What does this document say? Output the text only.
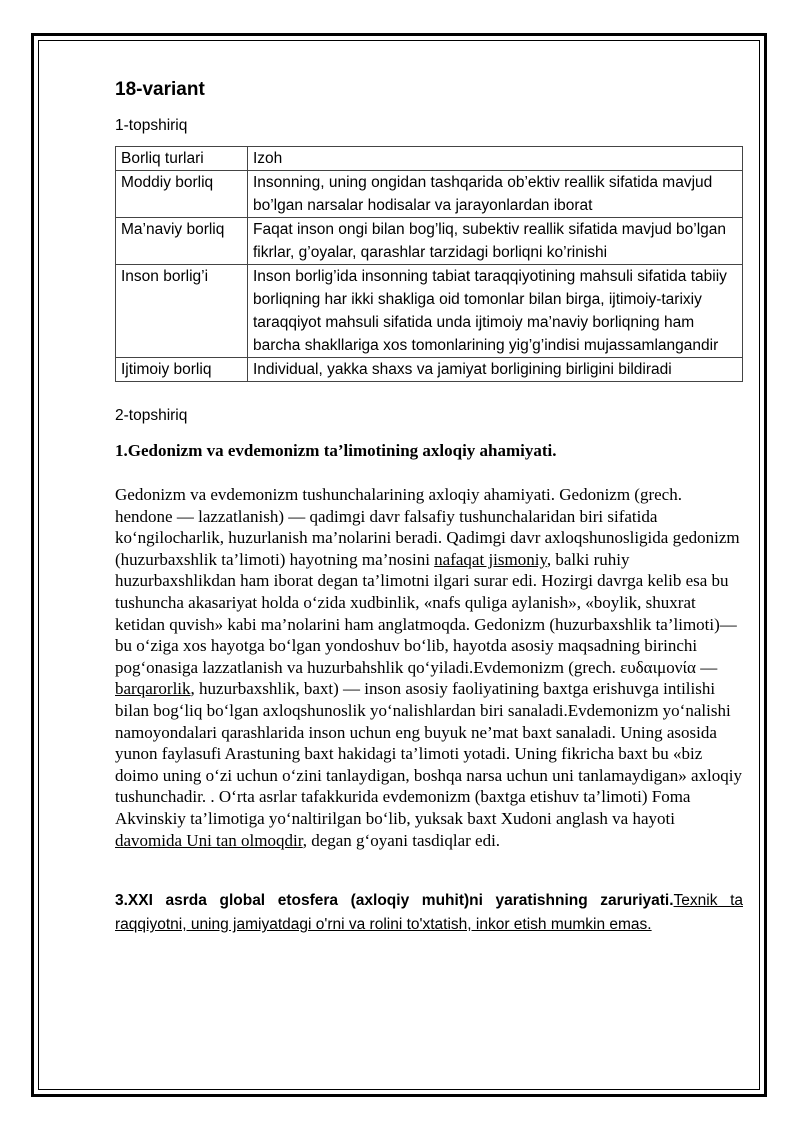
18-variant

1-topshiriq

Borliq turlari	Izoh
Moddiy borliq	Insonning, uning ongidan tashqarida ob’ektiv reallik sifatida mavjud bo’lgan narsalar hodisalar va jarayonlardan iborat
Ma’naviy borliq	Faqat inson ongi bilan bog’liq, subektiv reallik sifatida mavjud bo’lgan fikrlar, g’oyalar, qarashlar tarzidagi borliqni ko’rinishi
Inson borlig’i	Inson borlig’ida insonning tabiat taraqqiyotining mahsuli sifatida tabiiy borliqning har ikki shakliga oid tomonlar bilan birga, ijtimoiy-tarixiy taraqqiyot mahsuli sifatida unda ijtimoiy ma’naviy borliqning ham barcha shakllariga xos tomonlarining yig’g’indisi mujassamlangandir
Ijtimoiy borliq	Individual, yakka shaxs va jamiyat borligining birligini bildiradi

2-topshiriq

1.Gedonizm va evdemonizm ta’limotining axloqiy ahamiyati.

Gedonizm va evdemonizm tushunchalarining axloqiy ahamiyati. Gedonizm (grech. hendone — lazzatlanish) — qadimgi davr falsafiy tushunchalaridan biri sifatida ko‘ngilocharlik, huzurlanish ma’nolarini beradi. Qadimgi davr axloqshunosligida gedonizm (huzurbaxshlik ta’limoti) hayotning ma’nosini nafaqat jismoniy, balki ruhiy huzurbaxshlikdan ham iborat degan ta’limotni ilgari surar edi. Hozirgi davrga kelib esa bu tushuncha akasariyat holda o‘zida xudbinlik, «nafs quliga aylanish», «boylik, shuxrat ketidan quvish» kabi ma’nolarini ham anglatmoqda. Gedonizm (huzurbaxshlik ta’limoti)— bu o‘ziga xos hayotga bo‘lgan yondoshuv bo‘lib, hayotda asosiy maqsadning birinchi pog‘onasiga lazzatlanish va huzurbahshlik qo‘yiladi.Evdemonizm (grech. ευδαιμονία — barqarorlik, huzurbaxshlik, baxt) — inson asosiy faoliyatining baxtga erishuvga intilishi bilan bog‘liq bo‘lgan axloqshunoslik yo‘nalishlardan biri sanaladi.Evdemonizm yo‘nalishi namoyondalari qarashlarida inson uchun eng buyuk ne’mat baxt sanaladi. Uning asosida yunon faylasufi Arastuning baxt hakidagi ta’limoti yotadi. Uning fikricha baxt bu «biz doimo uning o‘zi uchun o‘zini tanlaydigan, boshqa narsa uchun uni tanlamaydigan» axloqiy tushunchadir. . O‘rta asrlar tafakkurida evdemonizm (baxtga etishuv ta’limoti) Foma Akvinskiy ta’limotiga yo‘naltirilgan bo‘lib, yuksak baxt Xudoni anglash va hayoti davomida Uni tan olmoqdir, degan g‘oyani tasdiqlar edi.

3.XXI asrda global etosfera (axloqiy muhit)ni yaratishning zaruriyati.Texnik ta
raqqiyotni, uning jamiyatdagi o'rni va rolini to'xtatish, inkor etish mumkin emas.
